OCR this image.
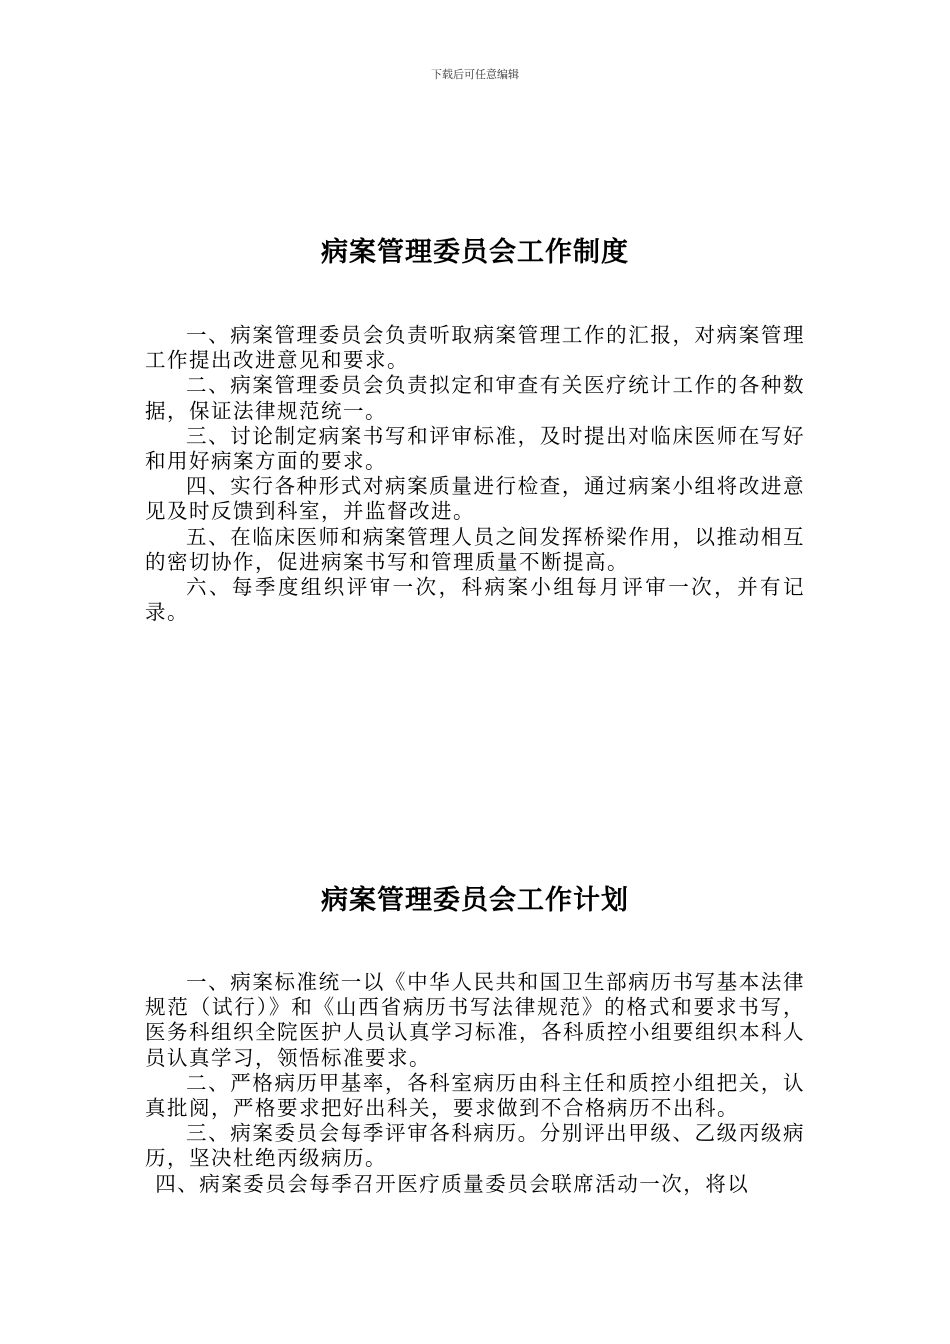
下载后可任意编辑
病案管理委员会工作制度

一、病案管理委员会负责听取病案管理工作的汇报，对病案管理工作提出改进意见和要求。

二、病案管理委员会负责拟定和审查有关医疗统计工作的各种数据，保证法律规范统一。

三、讨论制定病案书写和评审标准，及时提出对临床医师在写好和用好病案方面的要求。

四、实行各种形式对病案质量进行检查，通过病案小组将改进意见及时反馈到科室，并监督改进。

五、在临床医师和病案管理人员之间发挥桥梁作用，以推动相互的密切协作，促进病案书写和管理质量不断提高。

六、每季度组织评审一次，科病案小组每月评审一次，并有记录。

病案管理委员会工作计划

一、病案标准统一以《中华人民共和国卫生部病历书写基本法律规范（试行）》和《山西省病历书写法律规范》的格式和要求书写，医务科组织全院医护人员认真学习标准，各科质控小组要组织本科人员认真学习，领悟标准要求。

二、严格病历甲基率，各科室病历由科主任和质控小组把关，认真批阅，严格要求把好出科关，要求做到不合格病历不出科。

三、病案委员会每季评审各科病历。分别评出甲级、乙级丙级病历，坚决杜绝丙级病历。

四、病案委员会每季召开医疗质量委员会联席活动一次，将以
